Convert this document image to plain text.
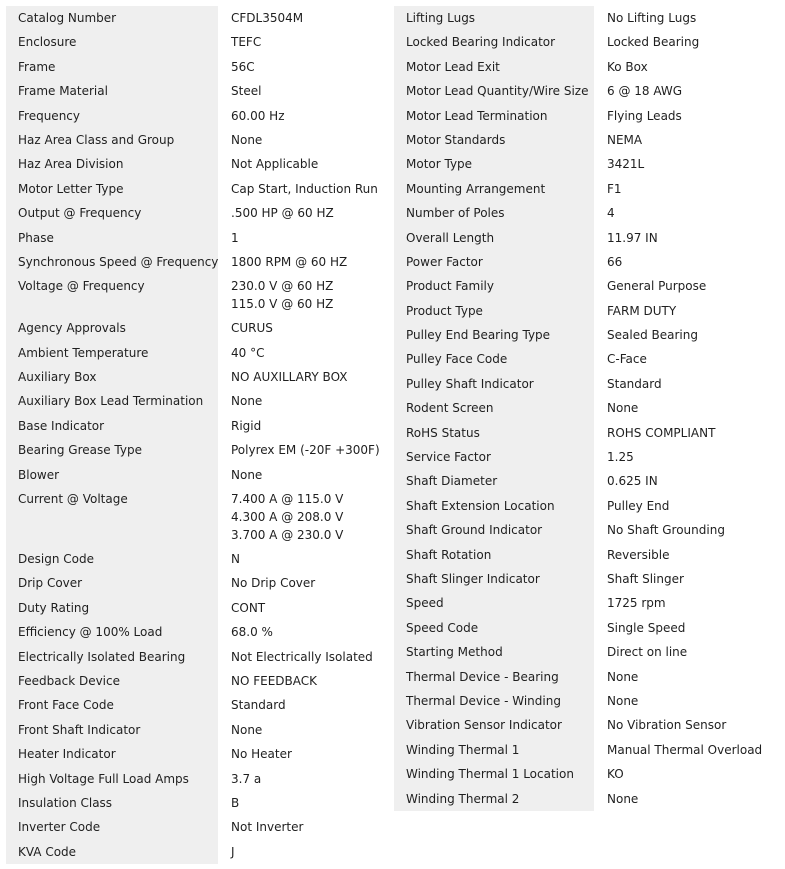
Catalog Number	CFDL3504M

Enclosure	TEFC

Frame	56C

Frame Material	Steel

Frequency	60.00 Hz

Haz Area Class and Group	None

Haz Area Division	Not Applicable

Motor Letter Type	Cap Start, Induction Run

Output @ Frequency	.500 HP @ 60 HZ

Phase	1

Synchronous Speed @ Frequency	1800 RPM @ 60 HZ

Voltage @ Frequency	230.0 V @ 60 HZ
115.0 V @ 60 HZ

Agency Approvals	CURUS

Ambient Temperature	40 °C

Auxiliary Box	NO AUXILLARY BOX

Auxiliary Box Lead Termination	None

Base Indicator	Rigid

Bearing Grease Type	Polyrex EM (-20F +300F)

Blower	None

Current @ Voltage	7.400 A @ 115.0 V
4.300 A @ 208.0 V
3.700 A @ 230.0 V

Design Code	N

Drip Cover	No Drip Cover

Duty Rating	CONT

Efficiency @ 100% Load	68.0 %

Electrically Isolated Bearing	Not Electrically Isolated

Feedback Device	NO FEEDBACK

Front Face Code	Standard

Front Shaft Indicator	None

Heater Indicator	No Heater

High Voltage Full Load Amps	3.7 a

Insulation Class	B

Inverter Code	Not Inverter

KVA Code	J
Lifting Lugs	No Lifting Lugs

Locked Bearing Indicator	Locked Bearing

Motor Lead Exit	Ko Box

Motor Lead Quantity/Wire Size	6 @ 18 AWG

Motor Lead Termination	Flying Leads

Motor Standards	NEMA

Motor Type	3421L

Mounting Arrangement	F1

Number of Poles	4

Overall Length	11.97 IN

Power Factor	66

Product Family	General Purpose

Product Type	FARM DUTY

Pulley End Bearing Type	Sealed Bearing

Pulley Face Code	C-Face

Pulley Shaft Indicator	Standard

Rodent Screen	None

RoHS Status	ROHS COMPLIANT

Service Factor	1.25

Shaft Diameter	0.625 IN

Shaft Extension Location	Pulley End

Shaft Ground Indicator	No Shaft Grounding

Shaft Rotation	Reversible

Shaft Slinger Indicator	Shaft Slinger

Speed	1725 rpm

Speed Code	Single Speed

Starting Method	Direct on line

Thermal Device - Bearing	None

Thermal Device - Winding	None

Vibration Sensor Indicator	No Vibration Sensor

Winding Thermal 1	Manual Thermal Overload

Winding Thermal 1 Location	KO

Winding Thermal 2	None
